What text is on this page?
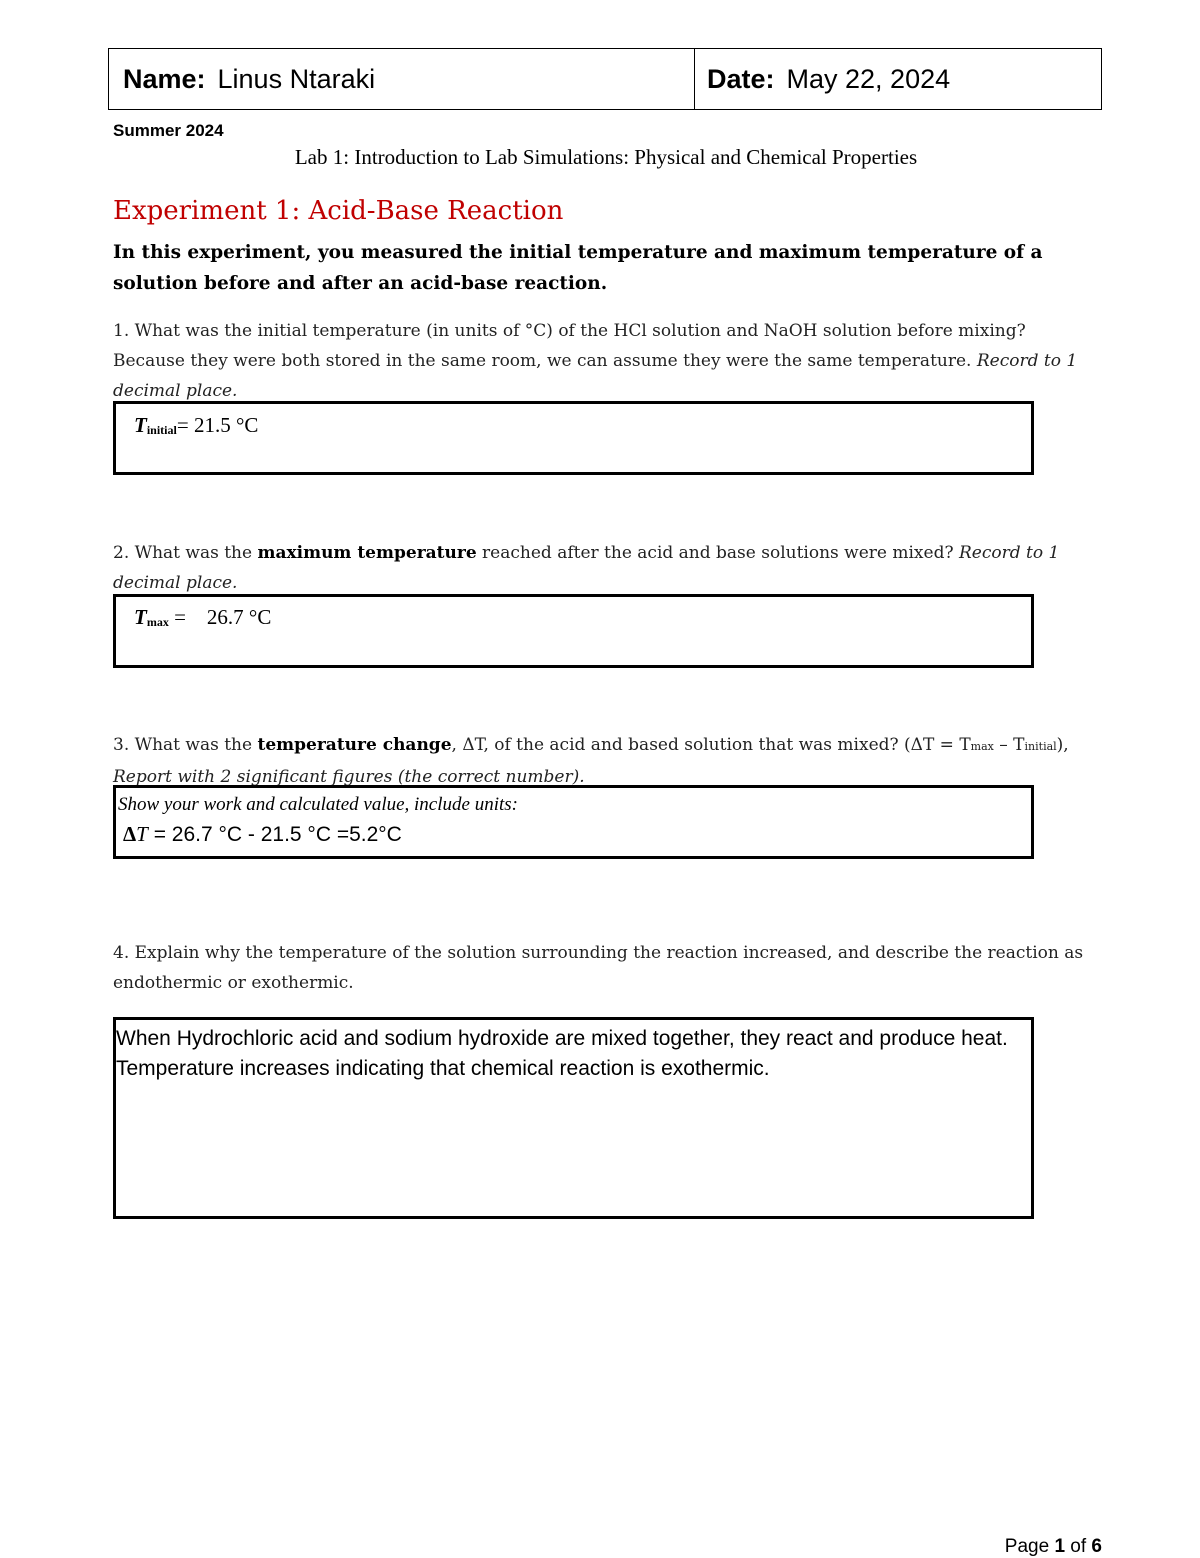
Name: Linus Ntaraki	Date: May 22, 2024
Summer 2024
Lab 1: Introduction to Lab Simulations: Physical and Chemical Properties
Experiment 1: Acid-Base Reaction
In this experiment, you measured the initial temperature and maximum temperature of a solution before and after an acid-base reaction.
1. What was the initial temperature (in units of °C) of the HCl solution and NaOH solution before mixing? Because they were both stored in the same room, we can assume they were the same temperature. Record to 1 decimal place.
Tinitial= 21.5 °C
2. What was the maximum temperature reached after the acid and base solutions were mixed? Record to 1 decimal place.
Tmax =    26.7 °C
3. What was the temperature change, ΔT, of the acid and based solution that was mixed? (ΔT = Tmax – Tinitial),
Report with 2 significant figures (the correct number).
Show your work and calculated value, include units:
ΔT = 26.7 °C - 21.5 °C =5.2°C
4. Explain why the temperature of the solution surrounding the reaction increased, and describe the reaction as endothermic or exothermic.
When Hydrochloric acid and sodium hydroxide are mixed together, they react and produce heat. Temperature increases indicating that chemical reaction is exothermic.
Page 1 of 6
